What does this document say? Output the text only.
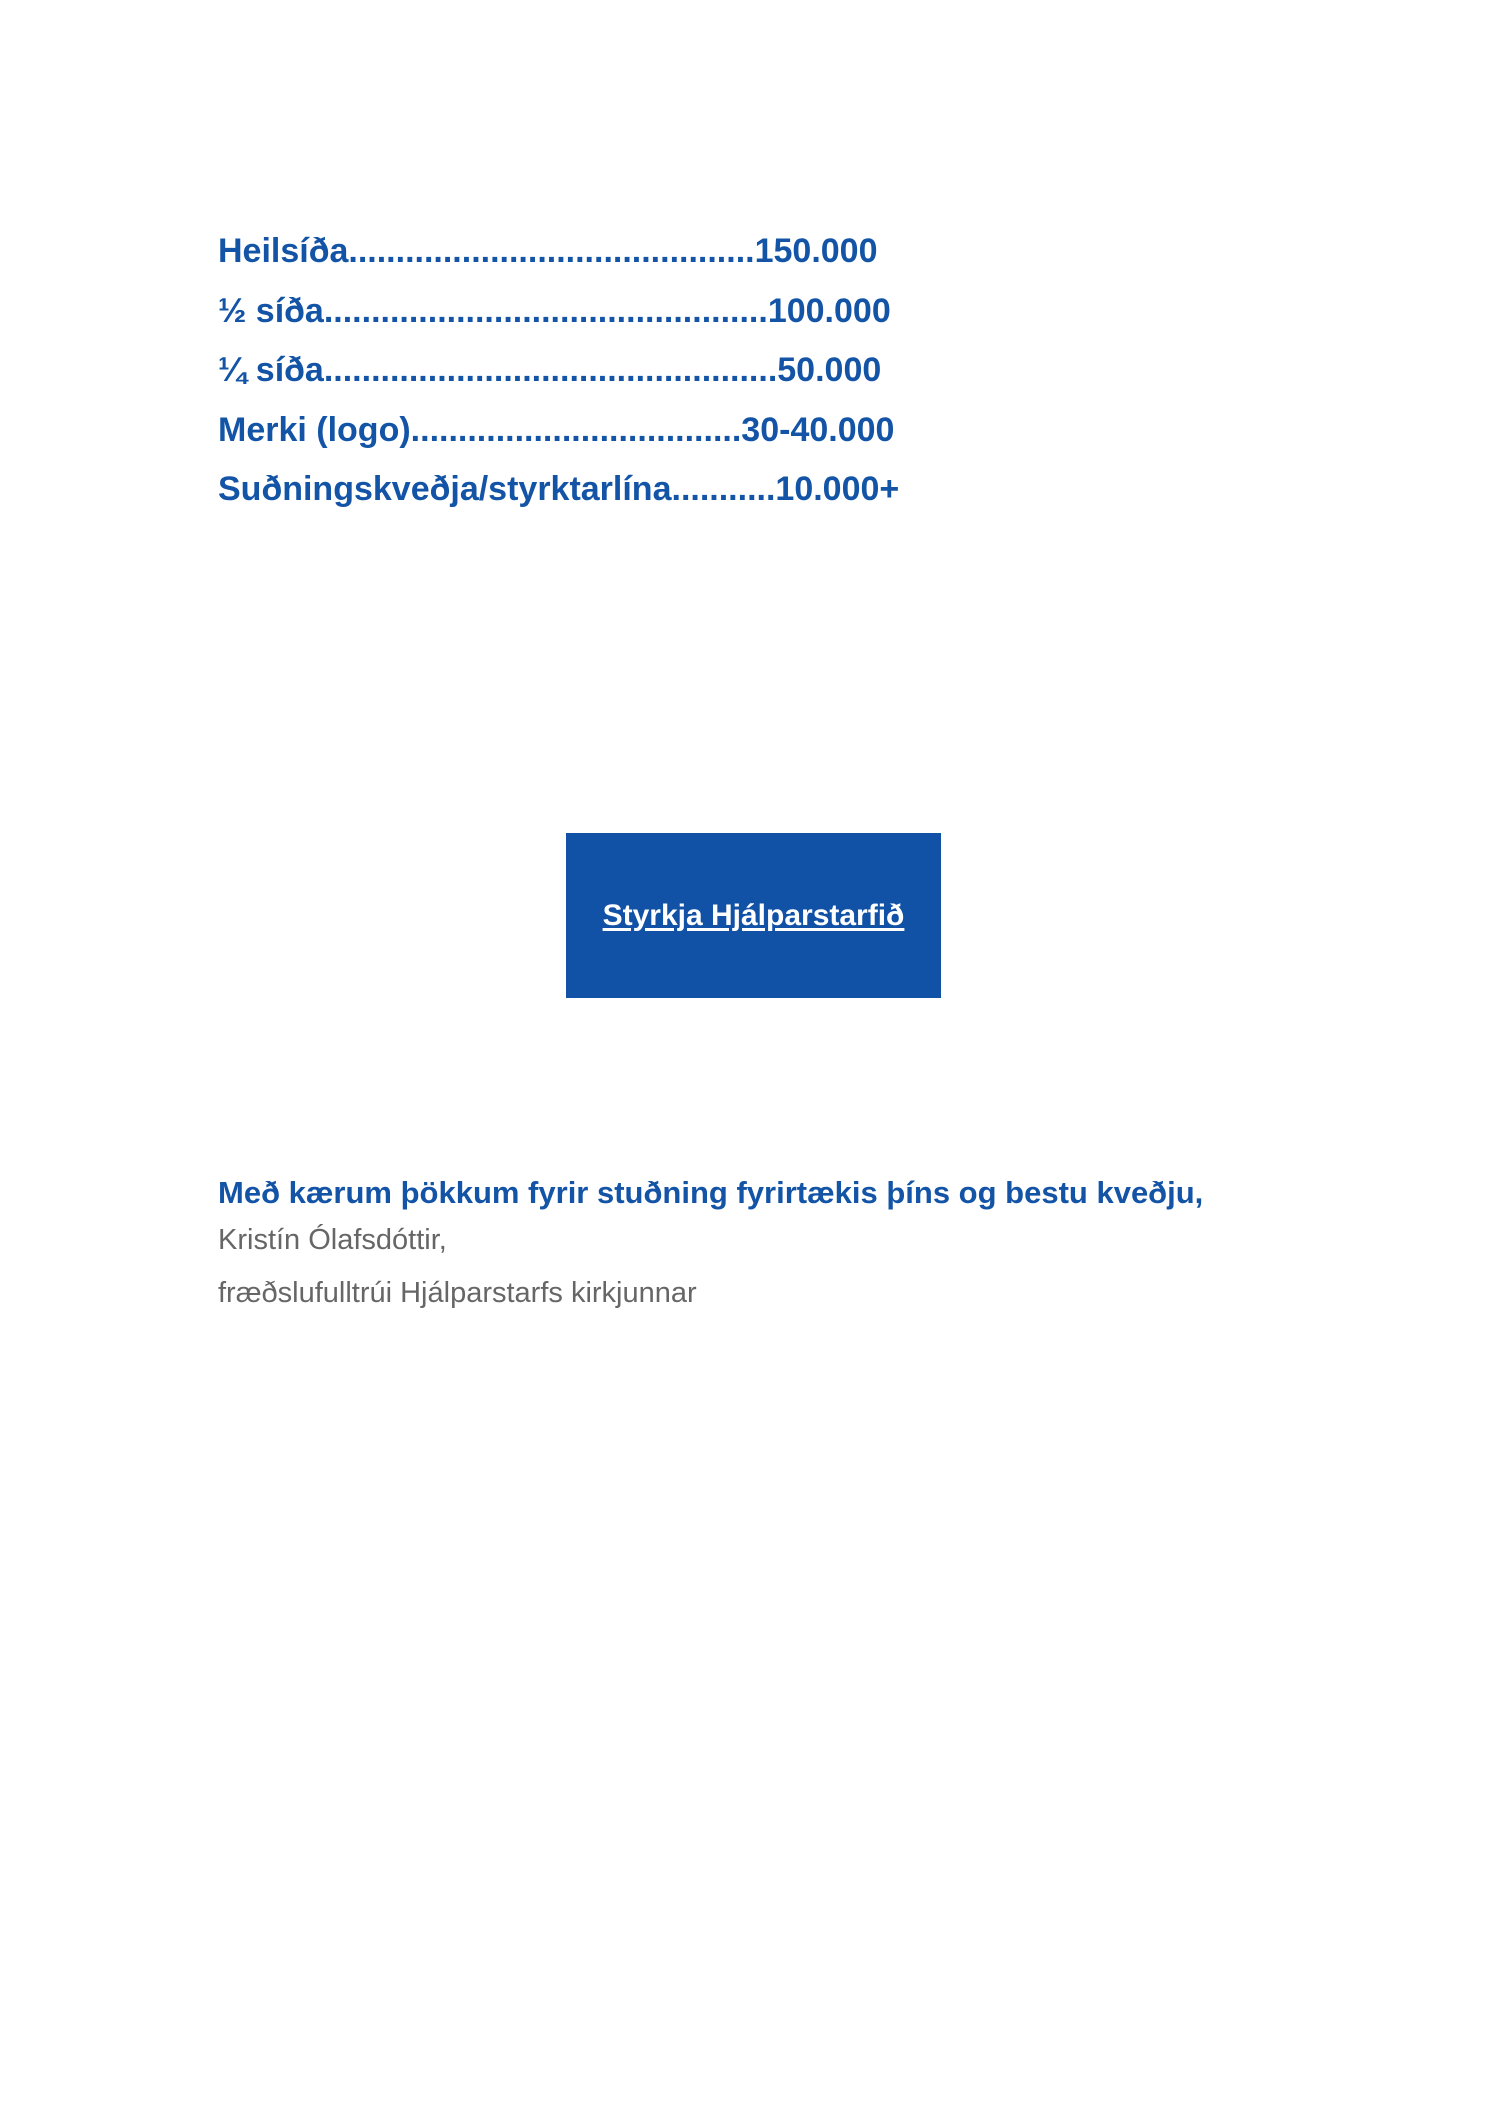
Heilsíða...........................................150.000
½ síða...............................................100.000
¼ síða................................................50.000
Merki (logo)...................................30-40.000
Suðningskveðja/styrktarlína...........10.000+
Styrkja Hjálparstarfið

Með kærum þökkum fyrir stuðning fyrirtækis þíns og bestu kveðju,

Kristín Ólafsdóttir,

fræðslufulltrúi Hjálparstarfs kirkjunnar
